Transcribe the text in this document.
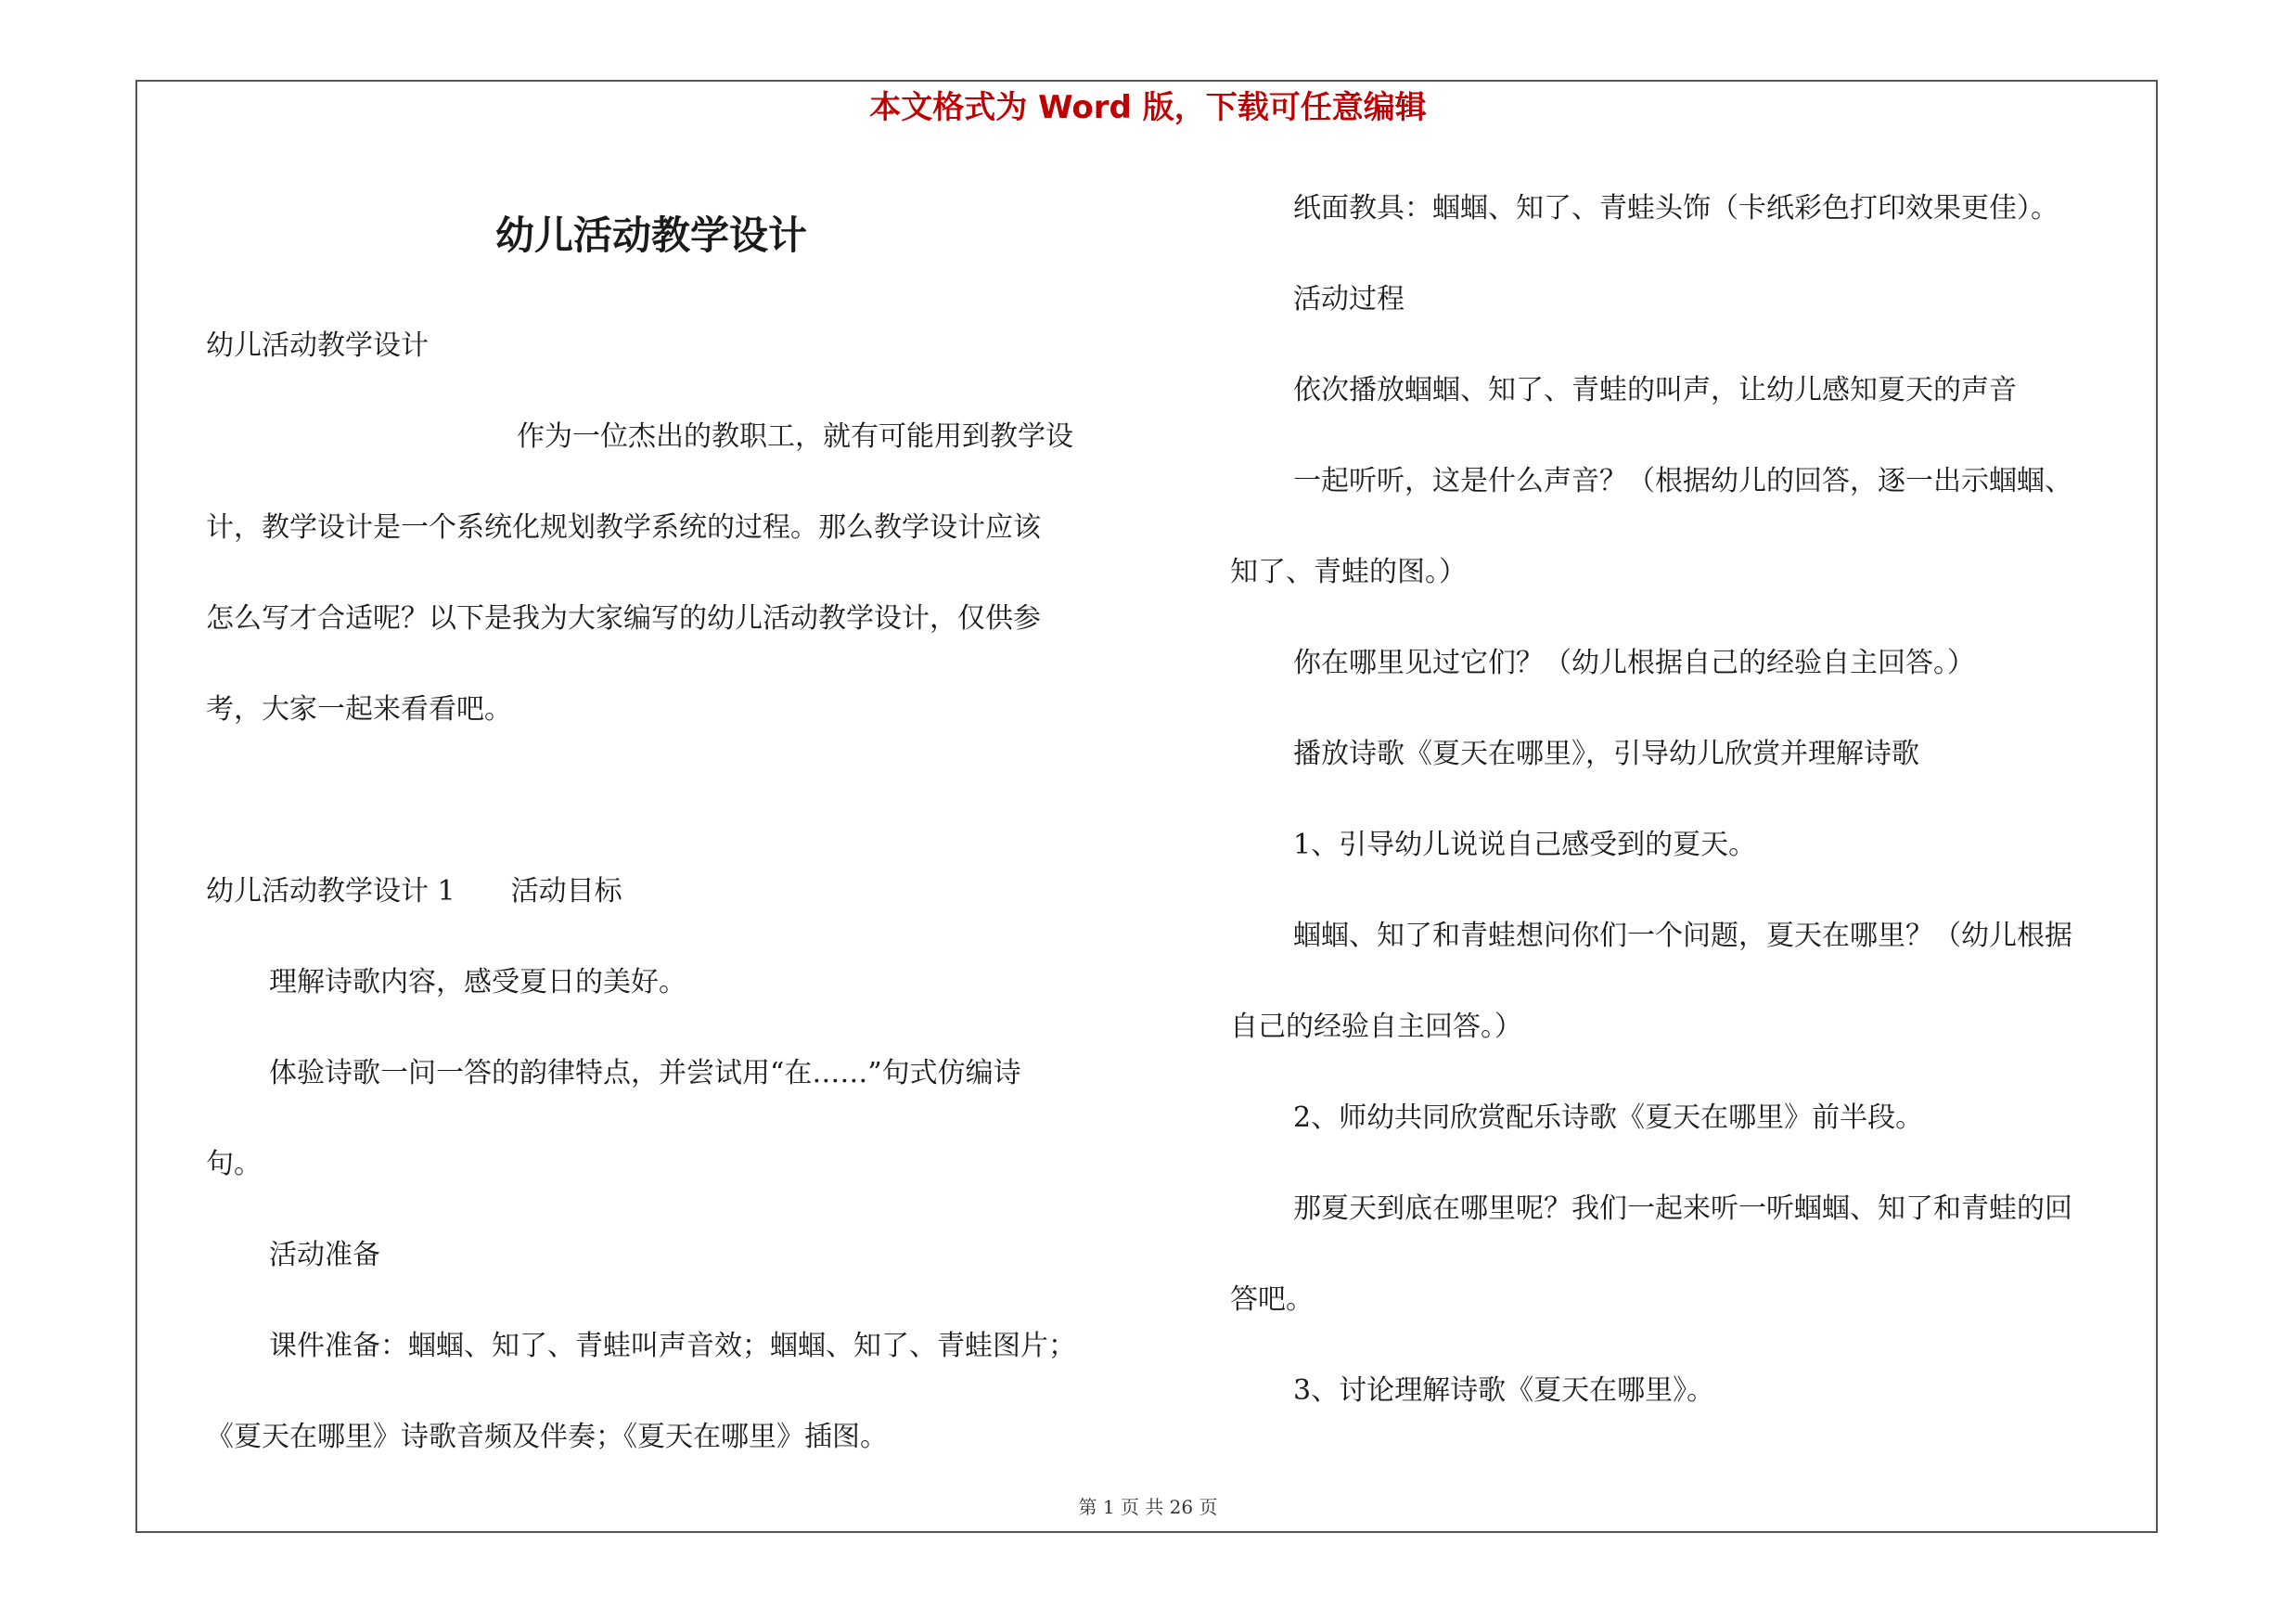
本文格式为 Word 版，下载可任意编辑
幼儿活动教学设计
幼儿活动教学设计
作为一位杰出的教职工，就有可能用到教学设
计，教学设计是一个系统化规划教学系统的过程。那么教学设计应该
怎么写才合适呢？以下是我为大家编写的幼儿活动教学设计，仅供参
考，大家一起来看看吧。
幼儿活动教学设计 1　　活动目标
理解诗歌内容，感受夏日的美好。
体验诗歌一问一答的韵律特点，并尝试用“在……”句式仿编诗
句。
活动准备
课件准备：蝈蝈、知了、青蛙叫声音效；蝈蝈、知了、青蛙图片；
《夏天在哪里》诗歌音频及伴奏；《夏天在哪里》插图。
纸面教具：蝈蝈、知了、青蛙头饰（卡纸彩色打印效果更佳）。
活动过程
依次播放蝈蝈、知了、青蛙的叫声，让幼儿感知夏天的声音
一起听听，这是什么声音？（根据幼儿的回答，逐一出示蝈蝈、
知了、青蛙的图。）
你在哪里见过它们？（幼儿根据自己的经验自主回答。）
播放诗歌《夏天在哪里》，引导幼儿欣赏并理解诗歌
1、引导幼儿说说自己感受到的夏天。
蝈蝈、知了和青蛙想问你们一个问题，夏天在哪里？（幼儿根据
自己的经验自主回答。）
2、师幼共同欣赏配乐诗歌《夏天在哪里》前半段。
那夏天到底在哪里呢？我们一起来听一听蝈蝈、知了和青蛙的回
答吧。
3、讨论理解诗歌《夏天在哪里》。
第 1 页 共 26 页
